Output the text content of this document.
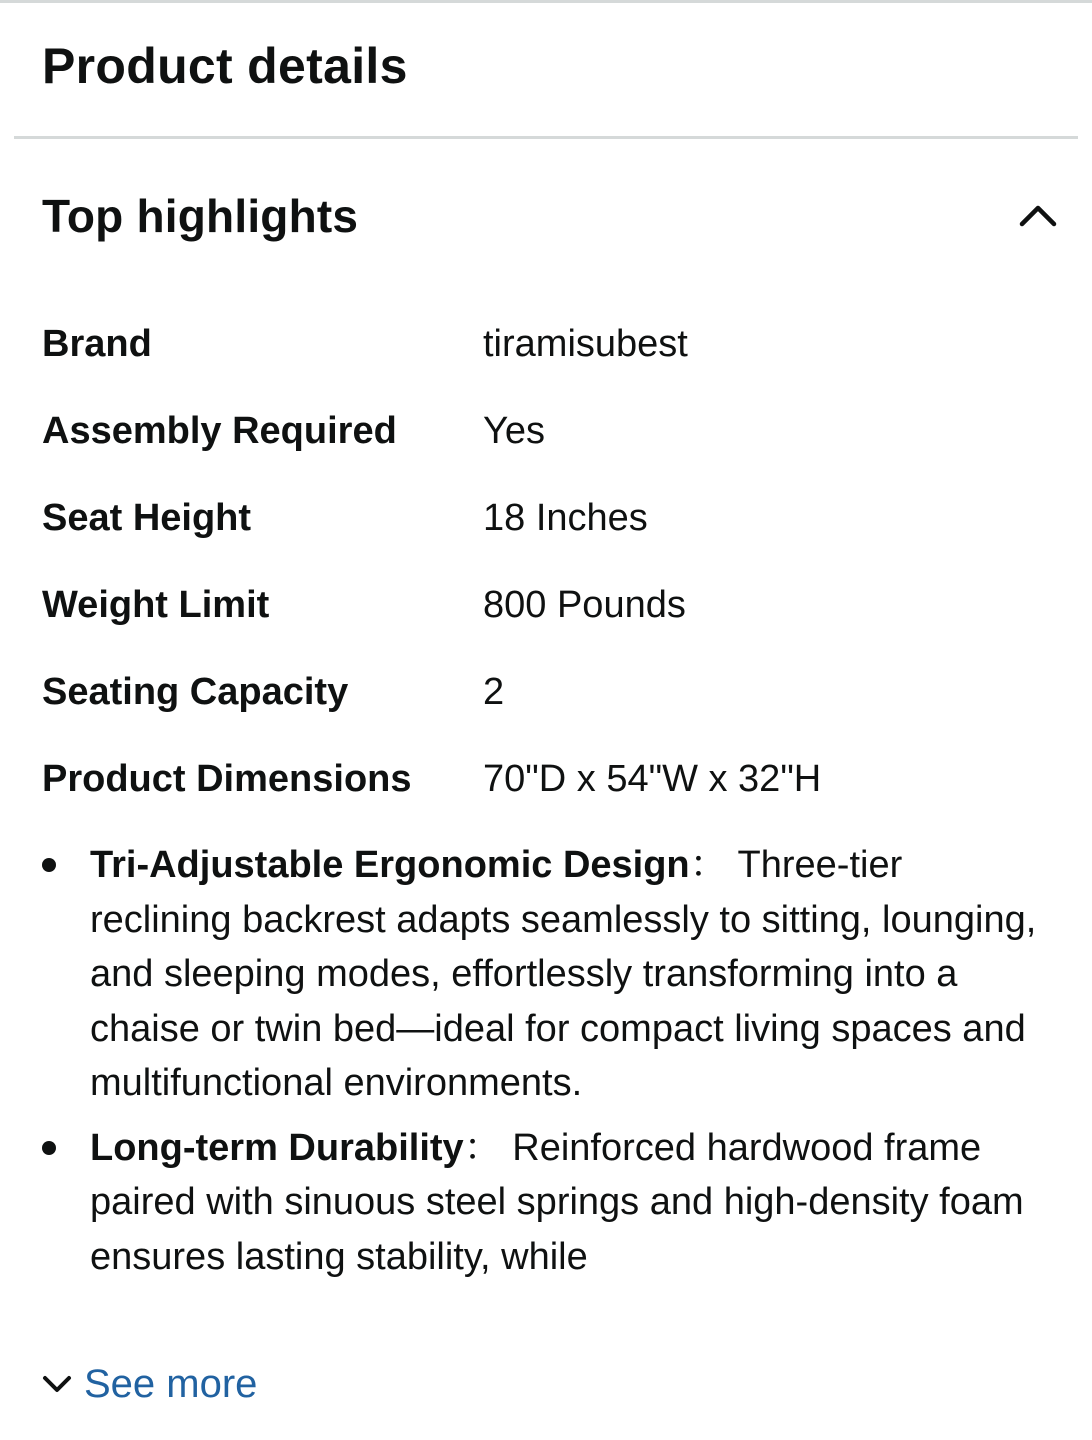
Product details
Top highlights
Brand	tiramisubest
Assembly Required	Yes
Seat Height	18 Inches
Weight Limit	800 Pounds
Seating Capacity	2
Product Dimensions	70"D x 54"W x 32"H
Tri-Adjustable Ergonomic Design： Three-tier reclining backrest adapts seamlessly to sitting, lounging, and sleeping modes, effortlessly transforming into a chaise or twin bed—ideal for compact living spaces and multifunctional environments.
Long-term Durability： Reinforced hardwood frame paired with sinuous steel springs and high-density foam ensures lasting stability, while
See more
